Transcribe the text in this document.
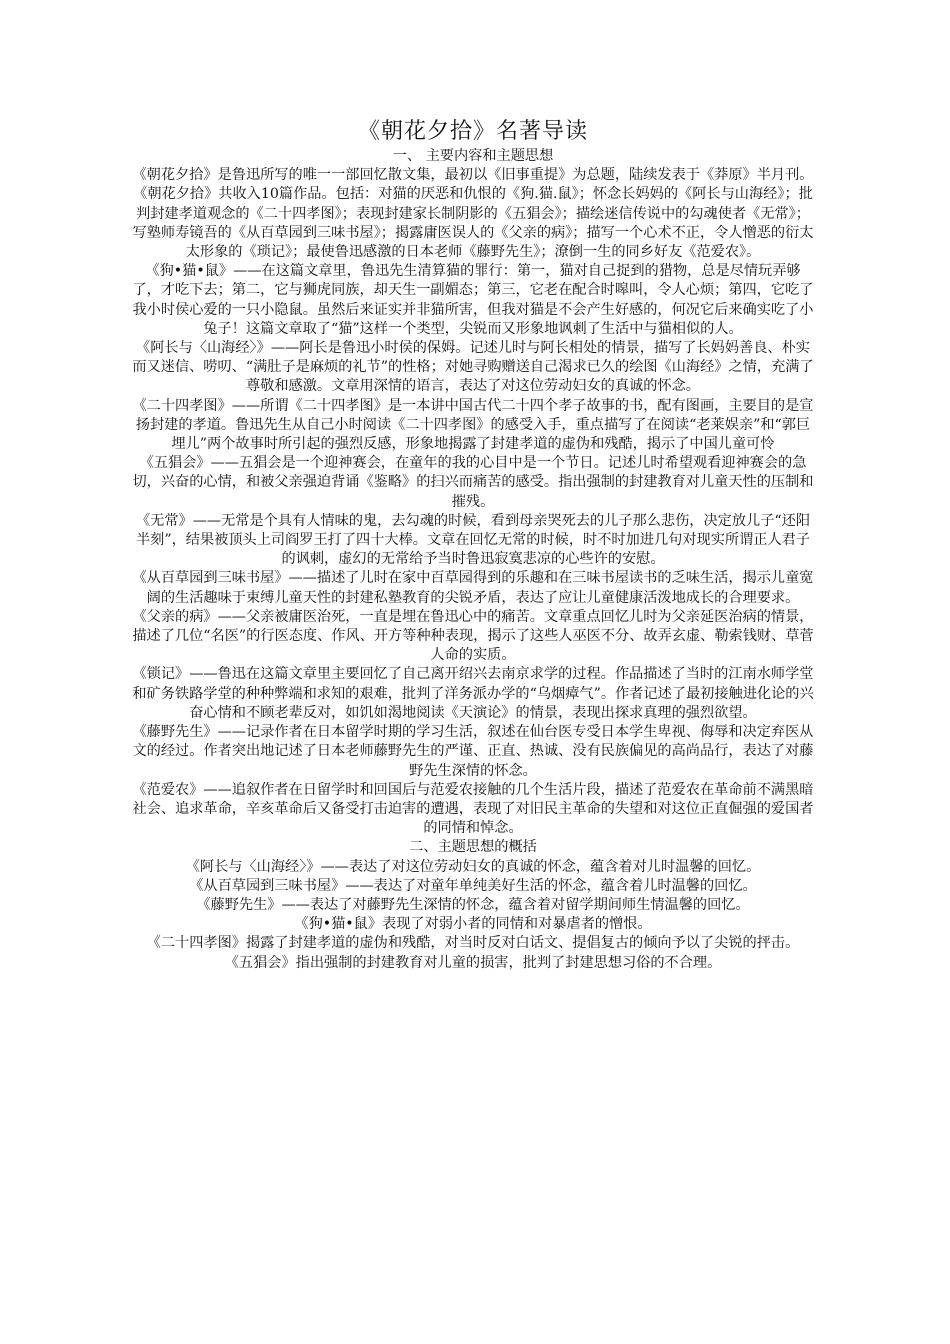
《朝花夕拾》名著导读

一、 主要内容和主题思想

《朝花夕拾》是鲁迅所写的唯一一部回忆散文集，最初以《旧事重提》为总题，陆续发表于《莽原》半月刊。

《朝花夕拾》共收入10篇作品。包括：对猫的厌恶和仇恨的《狗.猫.鼠》；怀念长妈妈的《阿长与山海经》；批判封建孝道观念的《二十四孝图》；表现封建家长制阴影的《五猖会》；描绘迷信传说中的勾魂使者《无常》；写塾师寿镜吾的《从百草园到三味书屋》；揭露庸医误人的《父亲的病》；描写一个心术不正，令人憎恶的衍太太形象的《琐记》；最使鲁迅感激的日本老师《藤野先生》；潦倒一生的同乡好友《范爱农》。

《狗•猫•鼠》——在这篇文章里，鲁迅先生清算猫的罪行：第一，猫对自己捉到的猎物，总是尽情玩弄够了，才吃下去；第二，它与狮虎同族，却天生一副媚态；第三，它老在配合时嗥叫，令人心烦；第四，它吃了我小时侯心爱的一只小隐鼠。虽然后来证实并非猫所害，但我对猫是不会产生好感的，何况它后来确实吃了小兔子！这篇文章取了“猫”这样一个类型，尖锐而又形象地讽刺了生活中与猫相似的人。

《阿长与〈山海经〉》——阿长是鲁迅小时侯的保姆。记述儿时与阿长相处的情景，描写了长妈妈善良、朴实而又迷信、唠叨、“满肚子是麻烦的礼节”的性格；对她寻购赠送自己渴求已久的绘图《山海经》之情，充满了尊敬和感激。文章用深情的语言，表达了对这位劳动妇女的真诚的怀念。

《二十四孝图》——所谓《二十四孝图》是一本讲中国古代二十四个孝子故事的书，配有图画，主要目的是宣扬封建的孝道。鲁迅先生从自己小时阅读《二十四孝图》的感受入手，重点描写了在阅读“老莱娱亲”和“郭巨埋儿”两个故事时所引起的强烈反感，形象地揭露了封建孝道的虚伪和残酷，揭示了中国儿童可怜

《五猖会》——五猖会是一个迎神赛会，在童年的我的心目中是一个节日。记述儿时希望观看迎神赛会的急切，兴奋的心情，和被父亲强迫背诵《鉴略》的扫兴而痛苦的感受。指出强制的封建教育对儿童天性的压制和摧残。

《无常》——无常是个具有人情味的鬼，去勾魂的时候，看到母亲哭死去的儿子那么悲伤，决定放儿子“还阳半刻”，结果被顶头上司阎罗王打了四十大棒。文章在回忆无常的时候，时不时加进几句对现实所谓正人君子的讽刺，虚幻的无常给予当时鲁迅寂寞悲凉的心些许的安慰。

《从百草园到三味书屋》——描述了儿时在家中百草园得到的乐趣和在三味书屋读书的乏味生活，揭示儿童宽阔的生活趣味于束缚儿童天性的封建私塾教育的尖锐矛盾，表达了应让儿童健康活泼地成长的合理要求。

《父亲的病》——父亲被庸医治死，一直是埋在鲁迅心中的痛苦。文章重点回忆儿时为父亲延医治病的情景，描述了几位“名医”的行医态度、作风、开方等种种表现，揭示了这些人巫医不分、故弄玄虚、勒索钱财、草菅人命的实质。

《锁记》——鲁迅在这篇文章里主要回忆了自己离开绍兴去南京求学的过程。作品描述了当时的江南水师学堂和矿务铁路学堂的种种弊端和求知的艰难，批判了洋务派办学的“乌烟瘴气”。作者记述了最初接触进化论的兴奋心情和不顾老辈反对，如饥如渴地阅读《天演论》的情景，表现出探求真理的强烈欲望。

《藤野先生》——记录作者在日本留学时期的学习生活，叙述在仙台医专受日本学生卑视、侮辱和决定弃医从文的经过。作者突出地记述了日本老师藤野先生的严谨、正直、热诚、没有民族偏见的高尚品行，表达了对藤野先生深情的怀念。

《范爱农》——追叙作者在日留学时和回国后与范爱农接触的几个生活片段，描述了范爱农在革命前不满黑暗社会、追求革命，辛亥革命后又备受打击迫害的遭遇，表现了对旧民主革命的失望和对这位正直倔强的爱国者的同情和悼念。

二、主题思想的概括

《阿长与〈山海经〉》——表达了对这位劳动妇女的真诚的怀念，蕴含着对儿时温馨的回忆。

《从百草园到三味书屋》——表达了对童年单纯美好生活的怀念，蕴含着儿时温馨的回忆。

《藤野先生》——表达了对藤野先生深情的怀念，蕴含着对留学期间师生情温馨的回忆。

《狗•猫•鼠》表现了对弱小者的同情和对暴虐者的憎恨。

《二十四孝图》揭露了封建孝道的虚伪和残酷，对当时反对白话文、提倡复古的倾向予以了尖锐的抨击。

《五猖会》指出强制的封建教育对儿童的损害，批判了封建思想习俗的不合理。
